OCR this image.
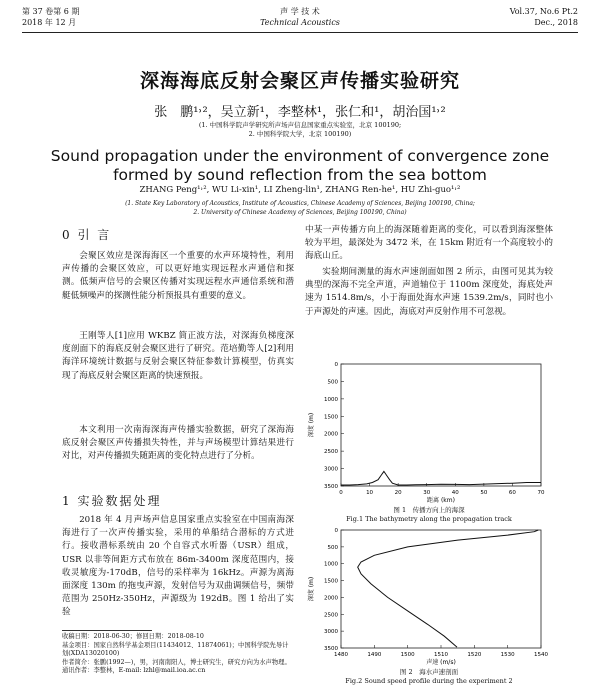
第 37 卷第 6 期
2018 年 12 月
声 学 技 术
Technical Acoustics
Vol.37, No.6 Pt.2
Dec., 2018
深海海底反射会聚区声传播实验研究
张　鹏¹˒²，吴立新¹，李整林¹，张仁和¹，胡治国¹˒²
(1. 中国科学院声学研究所声场声信息国家重点实验室，北京 100190;
2. 中国科学院大学，北京 100190)
Sound propagation under the environment of convergence zone
formed by sound reflection from the sea bottom
ZHANG Peng¹˒², WU Li-xin¹, LI Zheng-lin¹, ZHANG Ren-he¹, HU Zhi-guo¹˒²
(1. State Key Laboratory of Acoustics, Institute of Acoustics, Chinese Academy of Sciences, Beijing 100190, China;
2. University of Chinese Academy of Sciences, Beijing 100190, China)
0 引 言
会聚区效应是深海海区一个重要的水声环境特性，利用声传播的会聚区效应，可以更好地实现远程水声通信和探测。低频声信号的会聚区传播对实现远程水声通信系统和潜艇低频噪声的探测性能分析预报具有重要的意义。
王刚等人[1]应用 WKBZ 简正波方法，对深海负梯度深度剖面下的海底反射会聚区进行了研究。范培勤等人[2]利用海洋环境统计数据与反射会聚区特征参数计算模型，仿真实现了海底反射会聚区距离的快速预报。
本文利用一次南海深海声传播实验数据，研究了深海海底反射会聚区声传播损失特性，并与声场模型计算结果进行对比，对声传播损失随距离的变化特点进行了分析。
1 实验数据处理
2018 年 4 月声场声信息国家重点实验室在中国南海深海进行了一次声传播实验，采用的单船结合潜标的方式进行。接收潜标系统由 20 个自容式水听器（USR）组成，USR 以非等间距方式布放在 86m-3400m 深度范围内，接收灵敏度为-170dB，信号的采样率为 16kHz。声源为离海面深度 130m 的拖曳声源，发射信号为双曲调频信号，频带范围为 250Hz-350Hz，声源级为 192dB。图 1 给出了实验
收稿日期：2018-06-30；修回日期：2018-08-10
基金项目：国家自然科学基金项目(11434012、11874061)；中国科学院先导计划(XDA13020100)
作者简介：张鹏(1992—)，男，河南南阳人，博士研究生，研究方向为水声物理。
通讯作者：李整林，E-mail: lzhl@mail.ioa.ac.cn
中某一声传播方向上的海深随着距离的变化，可以看到海深整体较为平坦，最深处为 3472 米，在 15km 附近有一个高度较小的海底山丘。
实验期间测量的海水声速剖面如图 2 所示，由图可见其为较典型的深海不完全声道，声道轴位于 1100m 深度处，海底处声速为 1514.8m/s，小于海面处海水声速 1539.2m/s，同时也小于声源处的声速。因此，海底对声反射作用不可忽视。
0	10	20	30	40	50	60	70
0
500
1000
1500
2000
2500
3000
3500
距离 (km)
深度 (m)
图 1　传播方向上的海深
Fig.1 The bathymetry along the propagation track
1480	1490	1500	1510	1520	1530	1540
0
500
1000
1500
2000
2500
3000
3500
声速 (m/s)
深度 (m)
图 2　海水声速剖面
Fig.2 Sound speed profile during the experiment 2
